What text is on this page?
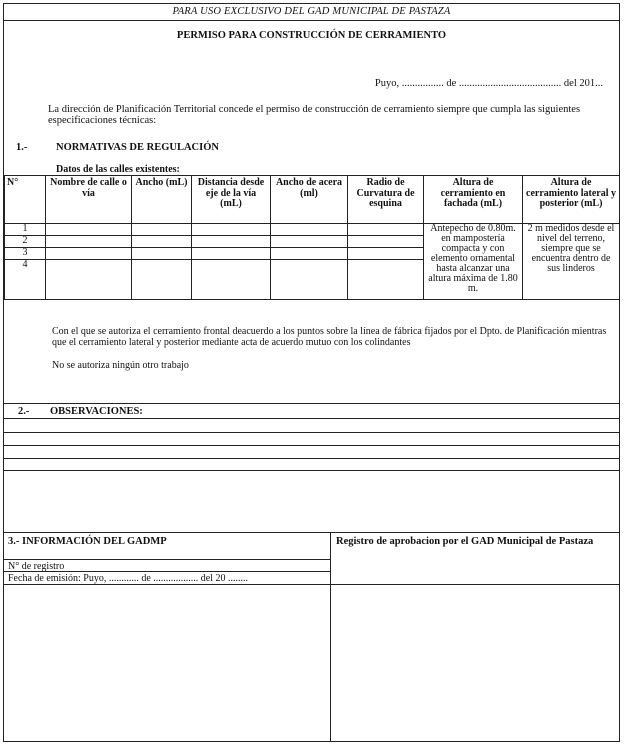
PARA USO EXCLUSIVO DEL GAD MUNICIPAL DE PASTAZA
PERMISO PARA CONSTRUCCIÓN DE CERRAMIENTO
Puyo, ................ de ....................................... del 201...
La dirección de Planificación Territorial concede el permiso de construcción de cerramiento siempre que cumpla las siguientes especificaciones técnicas:
1.-	NORMATIVAS DE REGULACIÓN
Datos de las calles existentes:
N°	Nombre de calle o vía	Ancho (mL)	Distancia desde eje de la vía (mL)	Ancho de acera (ml)	Radio de Curvatura de esquina	Altura de cerramiento en fachada (mL)	Altura de cerramiento lateral y posterior (mL)
1						Antepecho de 0.80m. en mampostería compacta y con elemento ornamental hasta alcanzar una altura máxima de 1.80 m.	2 m medidos desde el nivel del terreno, siempre que se encuentra dentro de sus linderos
2							
3							
4							
Con el que se autoriza el cerramiento frontal deacuerdo a los puntos sobre la línea de fábrica fijados por el Dpto. de Planificación mientras que el cerramiento lateral y posterior mediante acta de acuerdo mutuo con los colindantes
No se autoriza ningún otro trabajo
2.- OBSERVACIONES:
3.- INFORMACIÓN DEL GADMP	Registro de aprobacion por el GAD Municipal de Pastaza
N° de registro
Fecha de emisión: Puyo, ............ de .................. del 20 ........
